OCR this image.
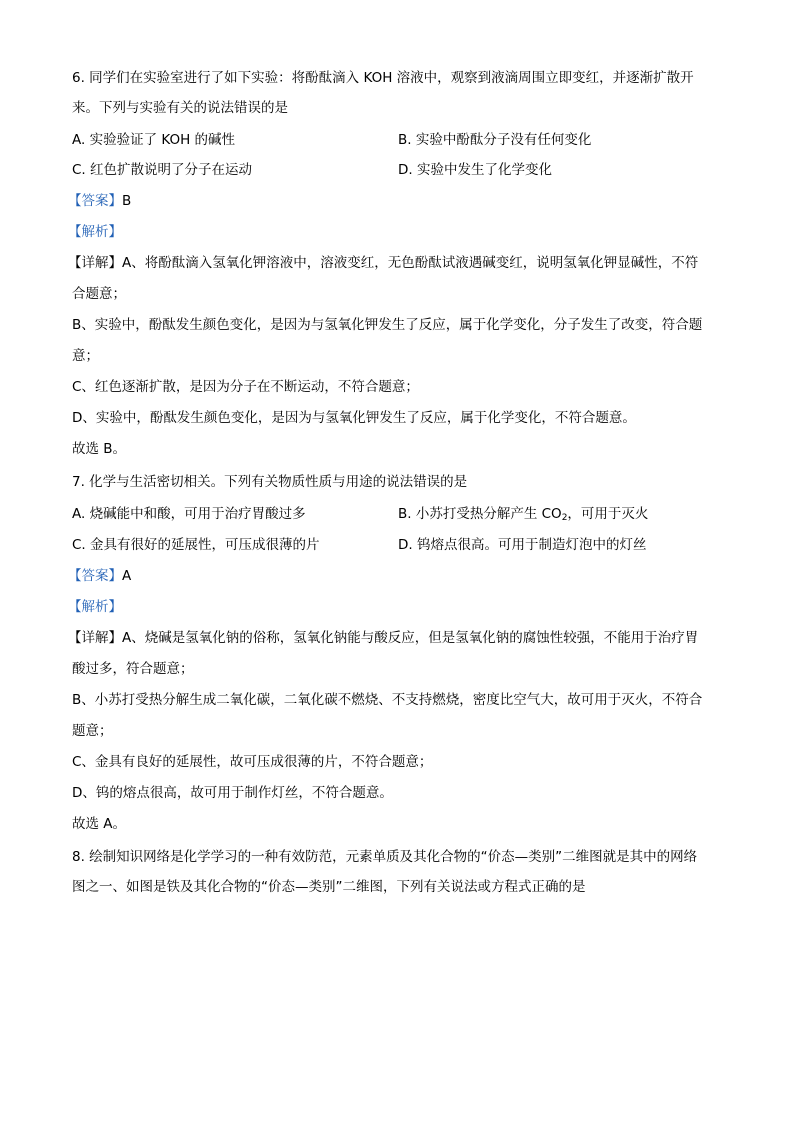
6. 同学们在实验室进行了如下实验：将酚酞滴入 KOH 溶液中，观察到液滴周围立即变红，并逐渐扩散开
来。下列与实验有关的说法错误的是
A. 实验验证了 KOH 的碱性	B. 实验中酚酞分子没有任何变化
C. 红色扩散说明了分子在运动	D. 实验中发生了化学变化
【答案】B
【解析】
【详解】A、将酚酞滴入氢氧化钾溶液中，溶液变红，无色酚酞试液遇碱变红，说明氢氧化钾显碱性，不符
合题意；
B、实验中，酚酞发生颜色变化，是因为与氢氧化钾发生了反应，属于化学变化，分子发生了改变，符合题
意；
C、红色逐渐扩散，是因为分子在不断运动，不符合题意；
D、实验中，酚酞发生颜色变化，是因为与氢氧化钾发生了反应，属于化学变化，不符合题意。
故选 B。
7. 化学与生活密切相关。下列有关物质性质与用途的说法错误的是
A. 烧碱能中和酸，可用于治疗胃酸过多	B. 小苏打受热分解产生 $CO_2$，可用于灭火
C. 金具有很好的延展性，可压成很薄的片	D. 钨熔点很高。可用于制造灯泡中的灯丝
【答案】A
【解析】
【详解】A、烧碱是氢氧化钠的俗称，氢氧化钠能与酸反应，但是氢氧化钠的腐蚀性较强，不能用于治疗胃
酸过多，符合题意；
B、小苏打受热分解生成二氧化碳，二氧化碳不燃烧、不支持燃烧，密度比空气大，故可用于灭火，不符合
题意；
C、金具有良好的延展性，故可压成很薄的片，不符合题意；
D、钨的熔点很高，故可用于制作灯丝，不符合题意。
故选 A。
8. 绘制知识网络是化学学习的一种有效防范，元素单质及其化合物的“价态—类别”二维图就是其中的网络
图之一、如图是铁及其化合物的“价态—类别”二维图，下列有关说法或方程式正确的是
